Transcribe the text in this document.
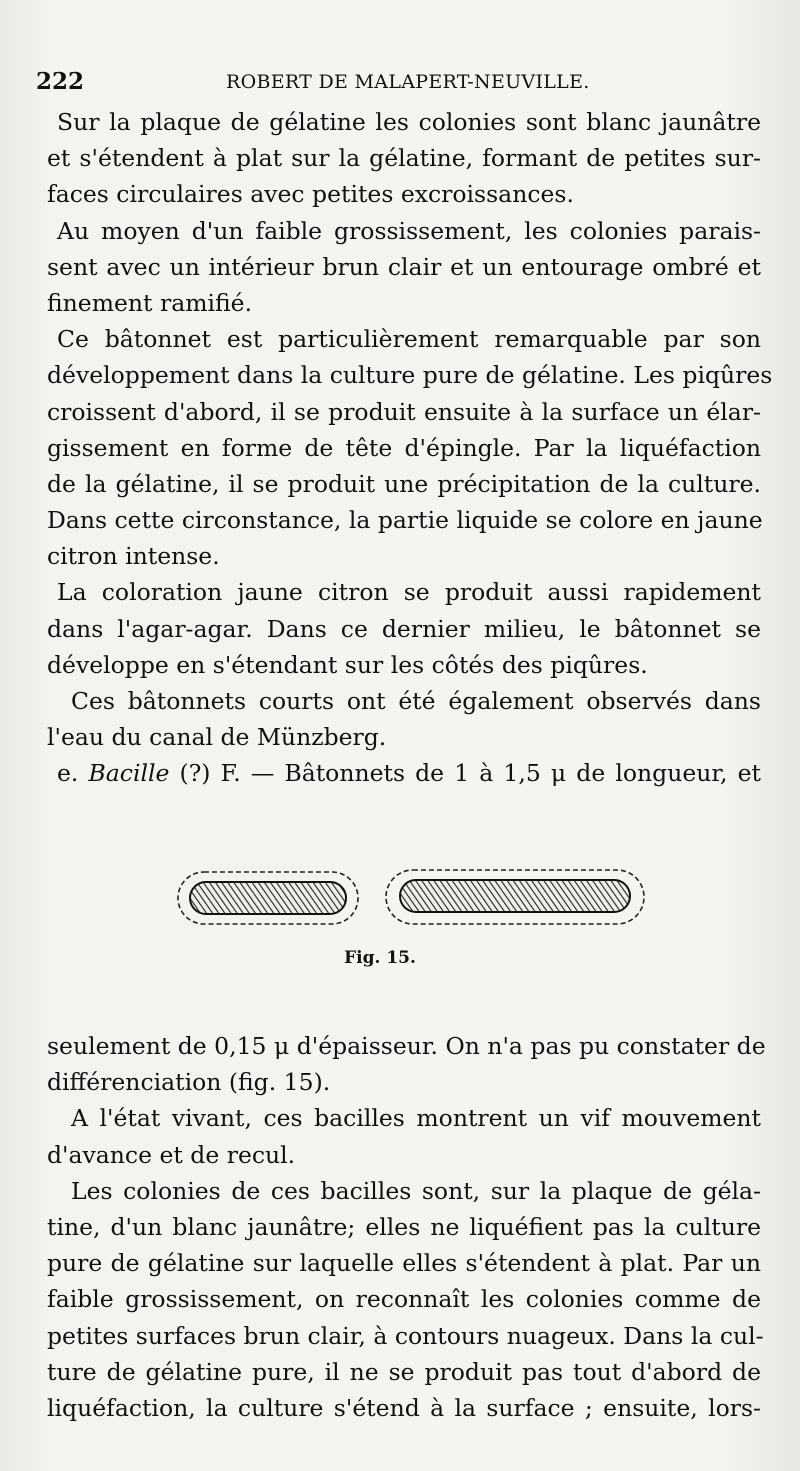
222	ROBERT DE MALAPERT-NEUVILLE.
Sur la plaque de gélatine les colonies sont blanc jaunâtre
et s'étendent à plat sur la gélatine, formant de petites sur-
faces circulaires avec petites excroissances.
Au moyen d'un faible grossissement, les colonies parais-
sent avec un intérieur brun clair et un entourage ombré et
finement ramifié.
Ce bâtonnet est particulièrement remarquable par son
développement dans la culture pure de gélatine. Les piqûres
croissent d'abord, il se produit ensuite à la surface un élar-
gissement en forme de tête d'épingle. Par la liquéfaction
de la gélatine, il se produit une précipitation de la culture.
Dans cette circonstance, la partie liquide se colore en jaune
citron intense.
La coloration jaune citron se produit aussi rapidement
dans l'agar-agar. Dans ce dernier milieu, le bâtonnet se
développe en s'étendant sur les côtés des piqûres.
Ces bâtonnets courts ont été également observés dans
l'eau du canal de Münzberg.
e. Bacille (?) F. — Bâtonnets de 1 à 1,5 μ de longueur, et
Fig. 15.
seulement de 0,15 μ d'épaisseur. On n'a pas pu constater de
différenciation (fig. 15).
A l'état vivant, ces bacilles montrent un vif mouvement
d'avance et de recul.
Les colonies de ces bacilles sont, sur la plaque de géla-
tine, d'un blanc jaunâtre; elles ne liquéfient pas la culture
pure de gélatine sur laquelle elles s'étendent à plat. Par un
faible grossissement, on reconnaît les colonies comme de
petites surfaces brun clair, à contours nuageux. Dans la cul-
ture de gélatine pure, il ne se produit pas tout d'abord de
liquéfaction, la culture s'étend à la surface ; ensuite, lors-
